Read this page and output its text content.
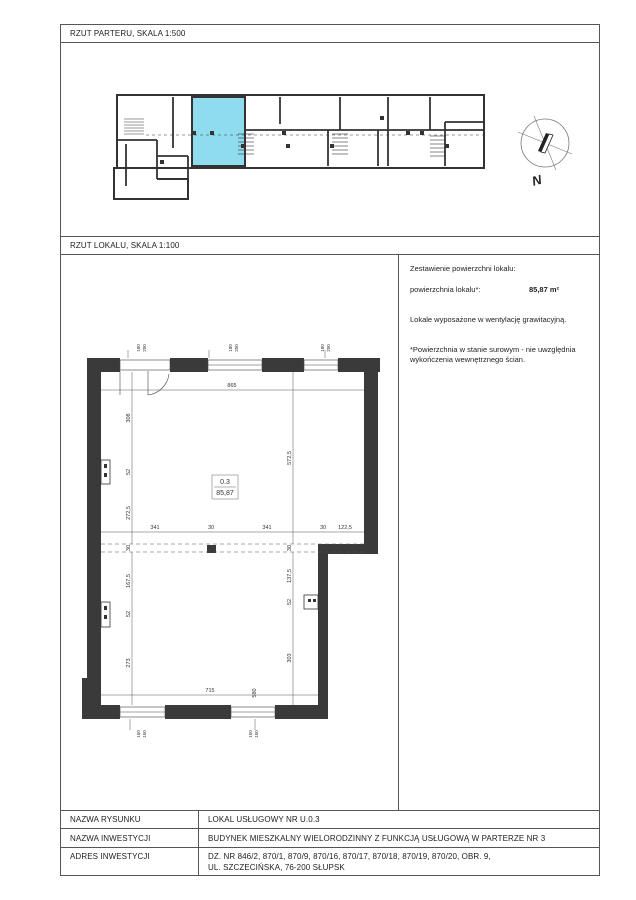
RZUT PARTERU, SKALA 1:500
RZUT LOKALU, SKALA 1:100
N
Zestawienie powierzchni lokalu:
powierzchnia lokalu*:	85,87 m²
Lokale wyposażone w wentylację grawitacyjną.
*Powierzchnia w stanie surowym - nie uwzględnia
wykończenia wewnętrznego ścian.
0.3
85,87
865
341	30	341	30 122,5
715
308
52
272,5
30
167,5
52
273
572,5
30
137,5
52
303
580
180 200	180 200	180 200
150 150	150 150
NAZWA RYSUNKU	LOKAL USŁUGOWY NR U.0.3
NAZWA INWESTYCJI	BUDYNEK MIESZKALNY WIELORODZINNY Z FUNKCJĄ USŁUGOWĄ W PARTERZE NR 3
ADRES INWESTYCJI	DZ. NR 846/2, 870/1, 870/9, 870/16, 870/17, 870/18, 870/19, 870/20, OBR. 9,
UL. SZCZECIŃSKA, 76-200 SŁUPSK
